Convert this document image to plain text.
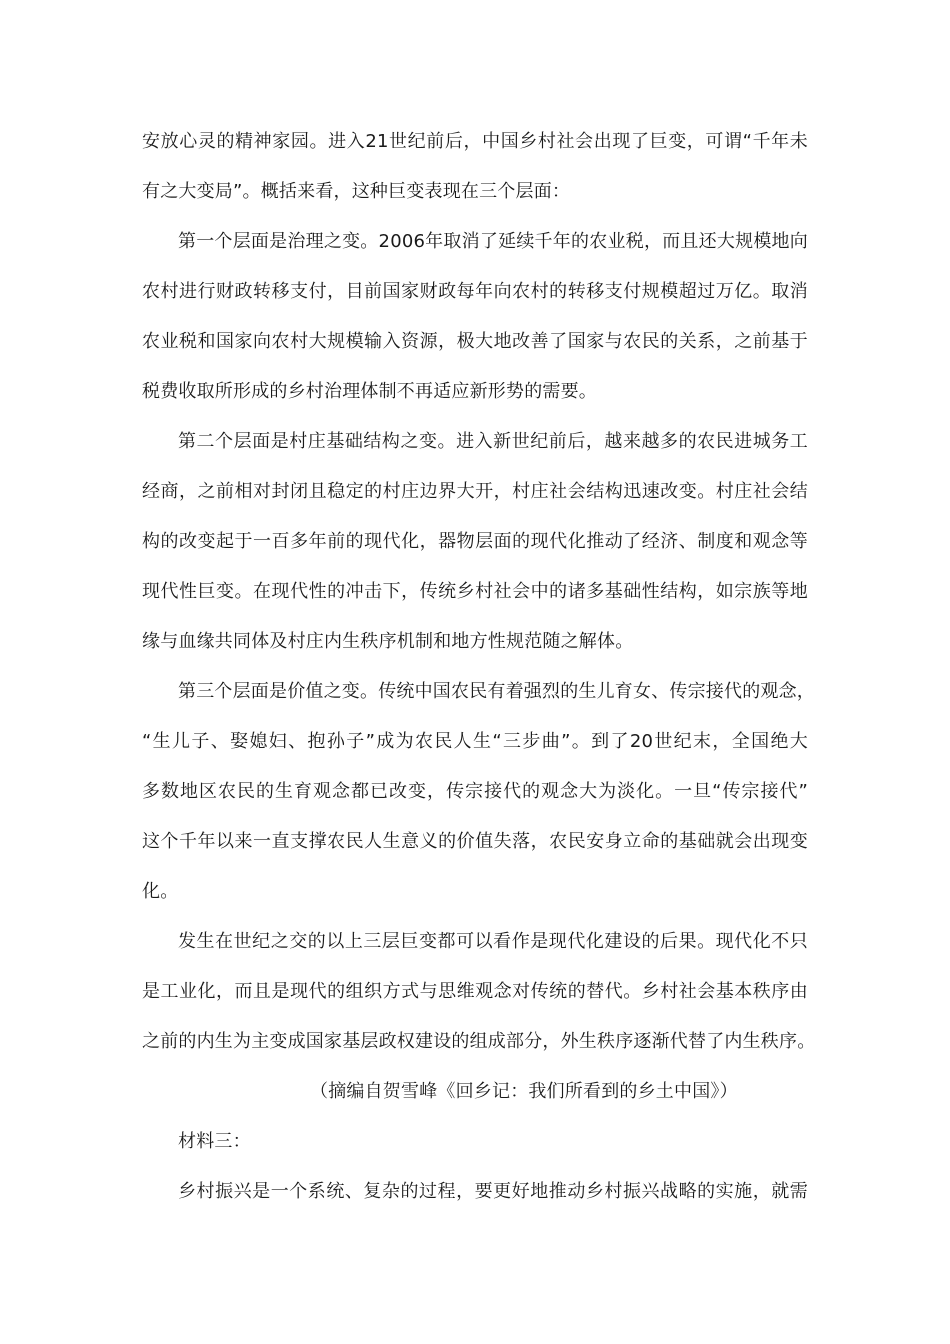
安放心灵的精神家园。进入21世纪前后，中国乡村社会出现了巨变，可谓“千年未
有之大变局”。概括来看，这种巨变表现在三个层面：
第一个层面是治理之变。2006年取消了延续千年的农业税，而且还大规模地向
农村进行财政转移支付，目前国家财政每年向农村的转移支付规模超过万亿。取消
农业税和国家向农村大规模输入资源，极大地改善了国家与农民的关系，之前基于
税费收取所形成的乡村治理体制不再适应新形势的需要。
第二个层面是村庄基础结构之变。进入新世纪前后，越来越多的农民进城务工
经商，之前相对封闭且稳定的村庄边界大开，村庄社会结构迅速改变。村庄社会结
构的改变起于一百多年前的现代化，器物层面的现代化推动了经济、制度和观念等
现代性巨变。在现代性的冲击下，传统乡村社会中的诸多基础性结构，如宗族等地
缘与血缘共同体及村庄内生秩序机制和地方性规范随之解体。
第三个层面是价值之变。传统中国农民有着强烈的生儿育女、传宗接代的观念，
“生儿子、娶媳妇、抱孙子”成为农民人生“三步曲”。到了20世纪末，全国绝大
多数地区农民的生育观念都已改变，传宗接代的观念大为淡化。一旦“传宗接代”
这个千年以来一直支撑农民人生意义的价值失落，农民安身立命的基础就会出现变
化。
发生在世纪之交的以上三层巨变都可以看作是现代化建设的后果。现代化不只
是工业化，而且是现代的组织方式与思维观念对传统的替代。乡村社会基本秩序由
之前的内生为主变成国家基层政权建设的组成部分，外生秩序逐渐代替了内生秩序。
（摘编自贺雪峰《回乡记：我们所看到的乡土中国》）
材料三：
乡村振兴是一个系统、复杂的过程，要更好地推动乡村振兴战略的实施，就需
